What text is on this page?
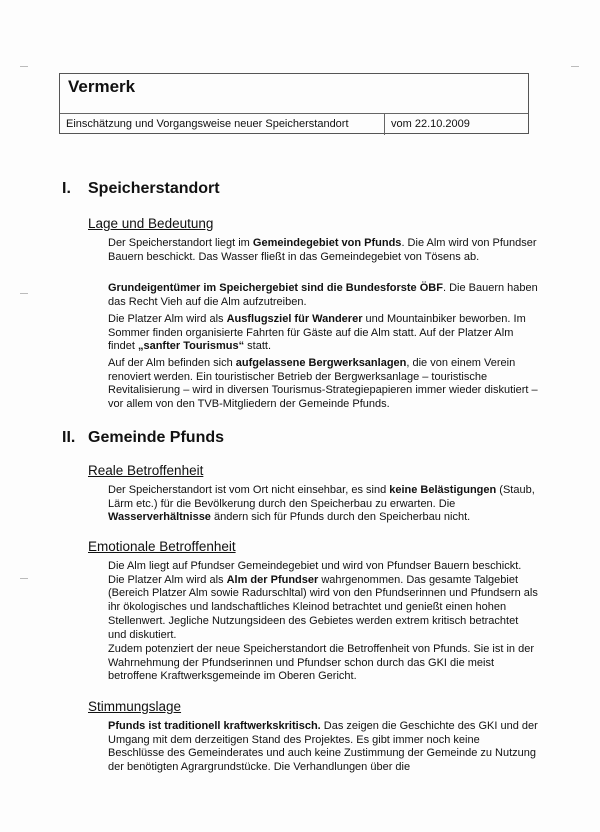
Vermerk
Einschätzung und Vorgangsweise neuer Speicherstandort	vom 22.10.2009
I. Speicherstandort
Lage und Bedeutung
Der Speicherstandort liegt im Gemeindegebiet von Pfunds. Die Alm wird von Pfundser Bauern beschickt. Das Wasser fließt in das Gemeindegebiet von Tösens ab.
Grundeigentümer im Speichergebiet sind die Bundesforste ÖBF. Die Bauern haben das Recht Vieh auf die Alm aufzutreiben.
Die Platzer Alm wird als Ausflugsziel für Wanderer und Mountainbiker beworben. Im Sommer finden organisierte Fahrten für Gäste auf die Alm statt. Auf der Platzer Alm findet „sanfter Tourismus“ statt.
Auf der Alm befinden sich aufgelassene Bergwerksanlagen, die von einem Verein renoviert werden. Ein touristischer Betrieb der Bergwerksanlage – touristische Revitalisierung – wird in diversen Tourismus-Strategiepapieren immer wieder diskutiert – vor allem von den TVB-Mitgliedern der Gemeinde Pfunds.
II. Gemeinde Pfunds
Reale Betroffenheit
Der Speicherstandort ist vom Ort nicht einsehbar, es sind keine Belästigungen (Staub, Lärm etc.) für die Bevölkerung durch den Speicherbau zu erwarten. Die Wasserverhältnisse ändern sich für Pfunds durch den Speicherbau nicht.
Emotionale Betroffenheit
Die Alm liegt auf Pfundser Gemeindegebiet und wird von Pfundser Bauern beschickt. Die Platzer Alm wird als Alm der Pfundser wahrgenommen. Das gesamte Talgebiet (Bereich Platzer Alm sowie Radurschltal) wird von den Pfundserinnen und Pfundsern als ihr ökologisches und landschaftliches Kleinod betrachtet und genießt einen hohen Stellenwert. Jegliche Nutzungsideen des Gebietes werden extrem kritisch betrachtet und diskutiert.
Zudem potenziert der neue Speicherstandort die Betroffenheit von Pfunds. Sie ist in der Wahrnehmung der Pfundserinnen und Pfundser schon durch das GKI die meist betroffene Kraftwerksgemeinde im Oberen Gericht.
Stimmungslage
Pfunds ist traditionell kraftwerkskritisch. Das zeigen die Geschichte des GKI und der Umgang mit dem derzeitigen Stand des Projektes. Es gibt immer noch keine Beschlüsse des Gemeinderates und auch keine Zustimmung der Gemeinde zu Nutzung der benötigten Agrargrundstücke. Die Verhandlungen über die
